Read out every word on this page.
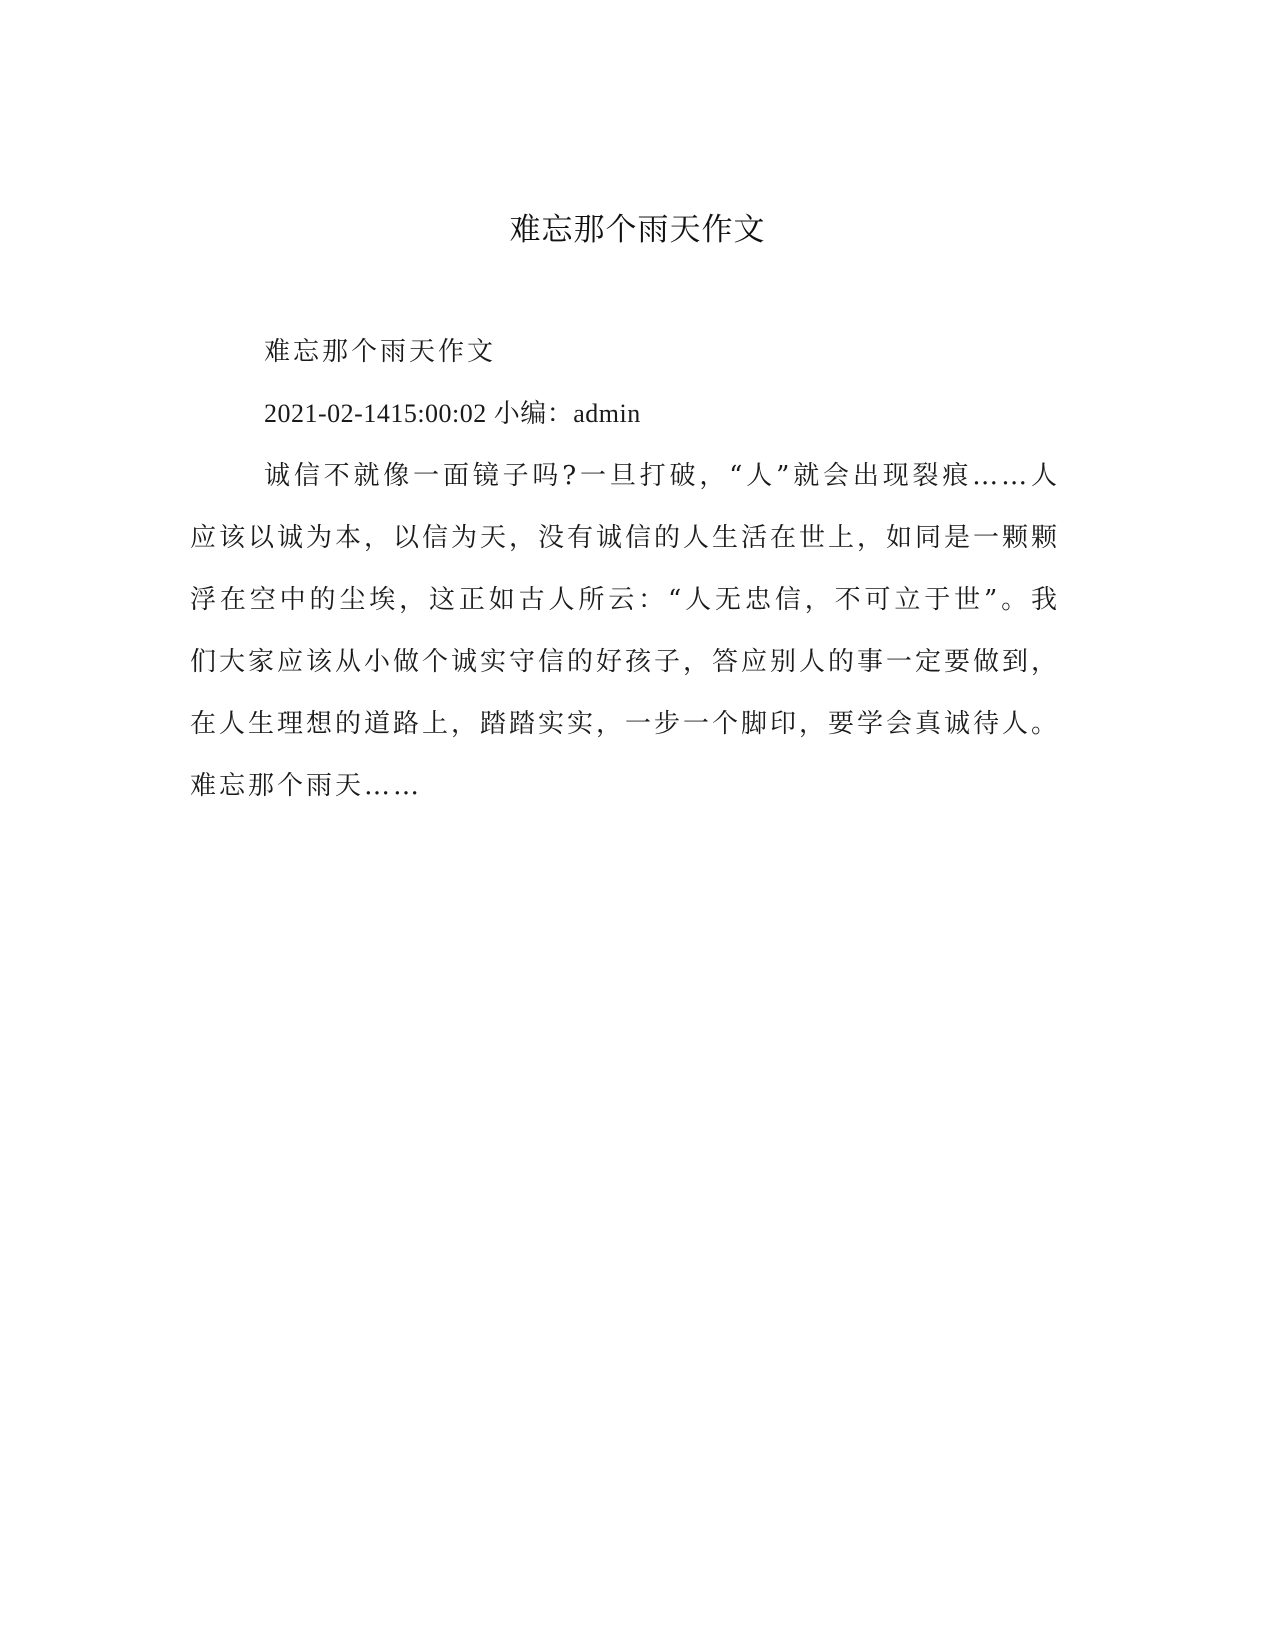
难忘那个雨天作文

难忘那个雨天作文

2021-02-1415:00:02 小编：admin

诚信不就像一面镜子吗?一旦打破，“人”就会出现裂痕……人应该以诚为本，以信为天，没有诚信的人生活在世上，如同是一颗颗浮在空中的尘埃，这正如古人所云：“人无忠信，不可立于世”。我们大家应该从小做个诚实守信的好孩子，答应别人的事一定要做到，在人生理想的道路上，踏踏实实，一步一个脚印，要学会真诚待人。难忘那个雨天……
